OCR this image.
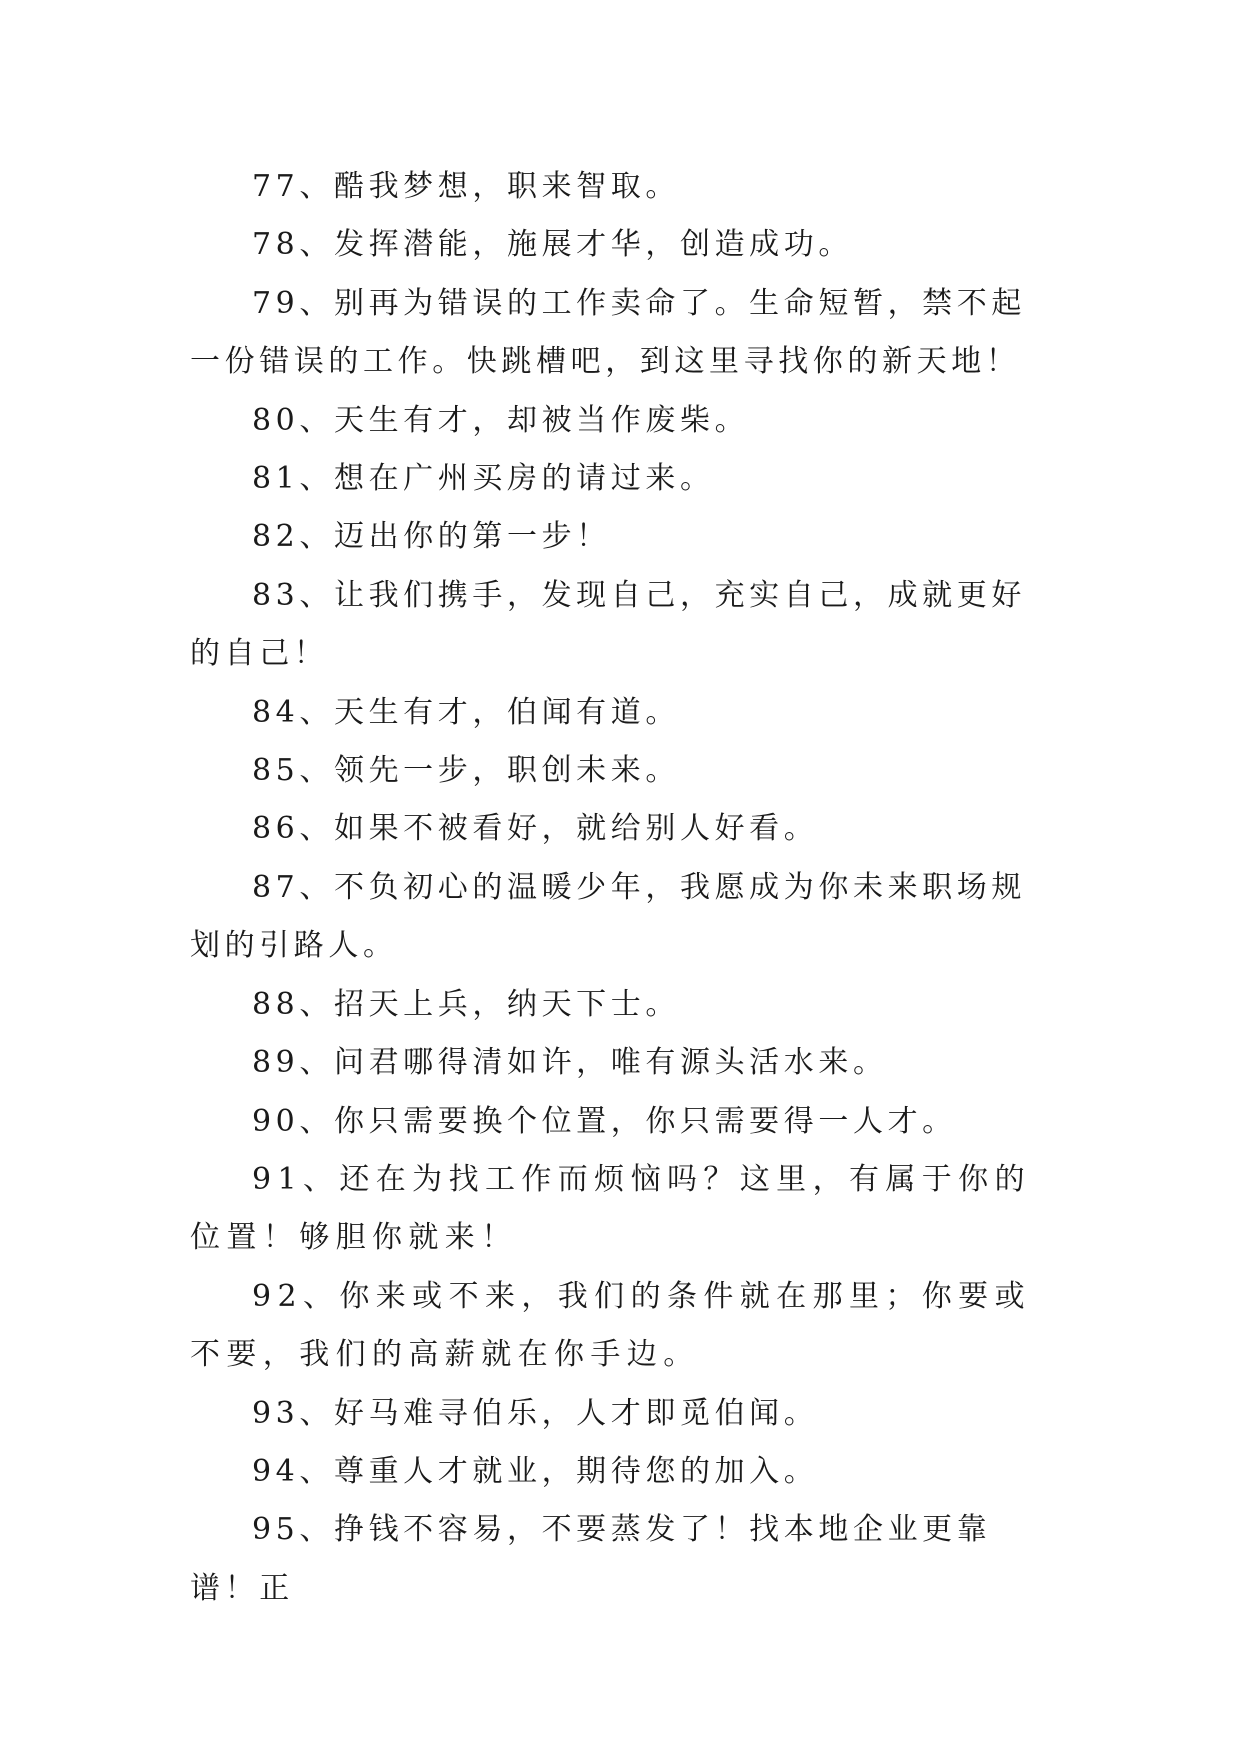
77、酷我梦想，职来智取。

78、发挥潜能，施展才华，创造成功。

79、别再为错误的工作卖命了。生命短暂，禁不起一份错误的工作。快跳槽吧，到这里寻找你的新天地！

80、天生有才，却被当作废柴。

81、想在广州买房的请过来。

82、迈出你的第一步！

83、让我们携手，发现自己，充实自己，成就更好的自己！

84、天生有才，伯闻有道。

85、领先一步，职创未来。

86、如果不被看好，就给别人好看。

87、不负初心的温暖少年，我愿成为你未来职场规划的引路人。

88、招天上兵，纳天下士。

89、问君哪得清如许，唯有源头活水来。

90、你只需要换个位置，你只需要得一人才。

91、还在为找工作而烦恼吗？这里，有属于你的位置！够胆你就来！

92、你来或不来，我们的条件就在那里；你要或不要，我们的高薪就在你手边。

93、好马难寻伯乐，人才即觅伯闻。

94、尊重人才就业，期待您的加入。

95、挣钱不容易，不要蒸发了！找本地企业更靠谱！正
